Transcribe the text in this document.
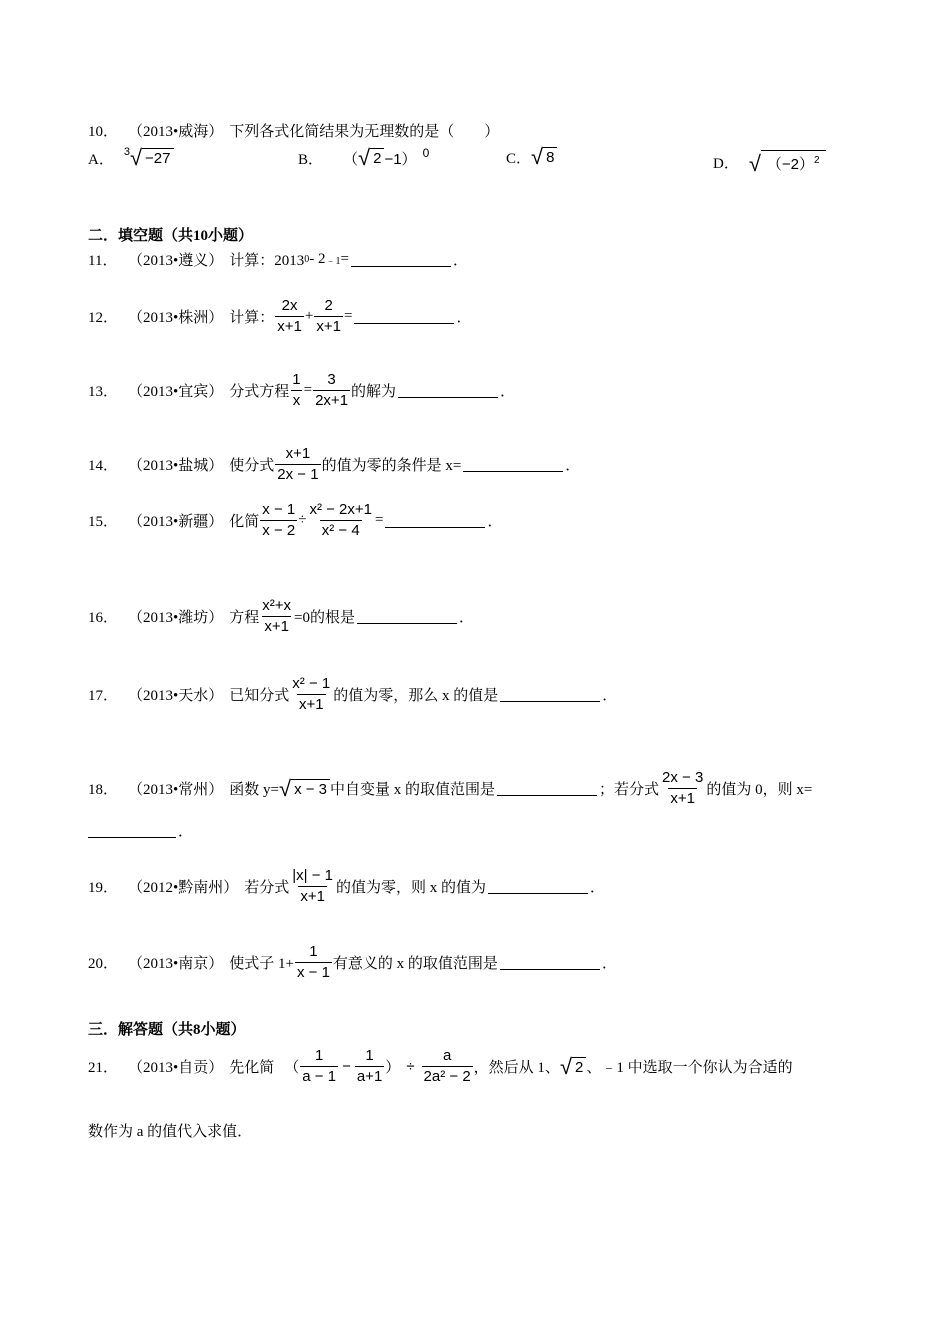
10． （2013•威海） 下列各式化简结果为无理数的是（　　）
A． 3 √ −27	B． （ √ 2 −1） 0	C． √ 8	D． √ $(-2)^2$
二．填空题（共10小题）
11． （2013•遵义） 计算：2013 0 - 2 ﹣1 =	．
12． （2013•株洲） 计算： $\frac{2x}{x+1} + \frac{2}{x+1}$ =	．
13． （2013•宜宾） 分式方程 $\frac{1}{x} = \frac{3}{2x+1}$ 的解为	．
14． （2013•盐城） 使分式 $\frac{x+1}{2x - 1}$ 的值为零的条件是 x=	．
15． （2013•新疆） 化简 $\frac{x - 1}{x - 2} \div \frac{\text{x² − 2x+1}}{\text{x² − 4}}$ =	．
16． （2013•潍坊） 方程 $\frac{\text{x²+x}}{x+1} =0$的根是	．
17． （2013•天水） 已知分式 $\frac{\text{x² − 1}}{x+1}$ 的值为零，那么 x 的值是	．
18． （2013•常州） 函数 y= √ x − 3 中自变量 x 的取值范围是	；若分式 $\frac{2x - 3}{x+1}$ 的值为 0，则 x=
．
19． （2012•黔南州） 若分式 $\frac{|x| - 1}{x+1}$ 的值为零，则 x 的值为	．
20． （2013•南京） 使式子 $1+ \frac{1}{x - 1}$ 有意义的 x 的取值范围是	．
三．解答题（共8小题）
21． （2013•自贡） 先化简 （ $\frac{1}{a - 1} - \frac{1}{a+1}$ ） ÷ $\frac{a}{\text{2a² − 2}}$ ，然后从 1、 √ 2 、﹣1 中选取一个你认为合适的
数作为 a 的值代入求值．
